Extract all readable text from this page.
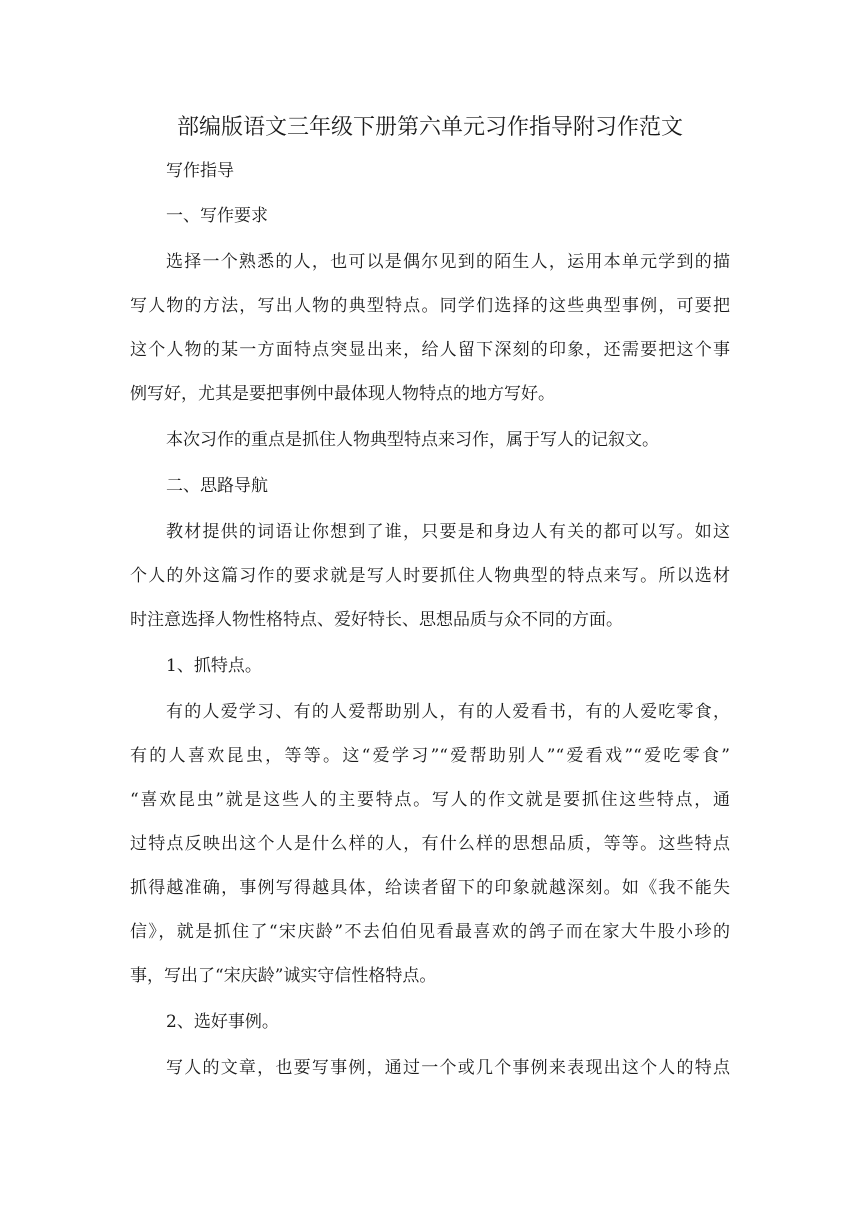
部编版语文三年级下册第六单元习作指导附习作范文
写作指导
一、写作要求
选择一个熟悉的人，也可以是偶尔见到的陌生人，运用本单元学到的描
写人物的方法，写出人物的典型特点。同学们选择的这些典型事例，可要把
这个人物的某一方面特点突显出来，给人留下深刻的印象，还需要把这个事
例写好，尤其是要把事例中最体现人物特点的地方写好。
本次习作的重点是抓住人物典型特点来习作，属于写人的记叙文。
二、思路导航
教材提供的词语让你想到了谁，只要是和身边人有关的都可以写。如这
个人的外这篇习作的要求就是写人时要抓住人物典型的特点来写。所以选材
时注意选择人物性格特点、爱好特长、思想品质与众不同的方面。
1、抓特点。
有的人爱学习、有的人爱帮助别人，有的人爱看书，有的人爱吃零食，
有的人喜欢昆虫，等等。这“爱学习”“爱帮助别人”“爱看戏”“爱吃零食”
“喜欢昆虫”就是这些人的主要特点。写人的作文就是要抓住这些特点，通
过特点反映出这个人是什么样的人，有什么样的思想品质，等等。这些特点
抓得越准确，事例写得越具体，给读者留下的印象就越深刻。如《我不能失
信》，就是抓住了“宋庆龄”不去伯伯见看最喜欢的鸽子而在家大牛股小珍的
事，写出了“宋庆龄”诚实守信性格特点。
2、选好事例。
写人的文章，也要写事例，通过一个或几个事例来表现出这个人的特点
